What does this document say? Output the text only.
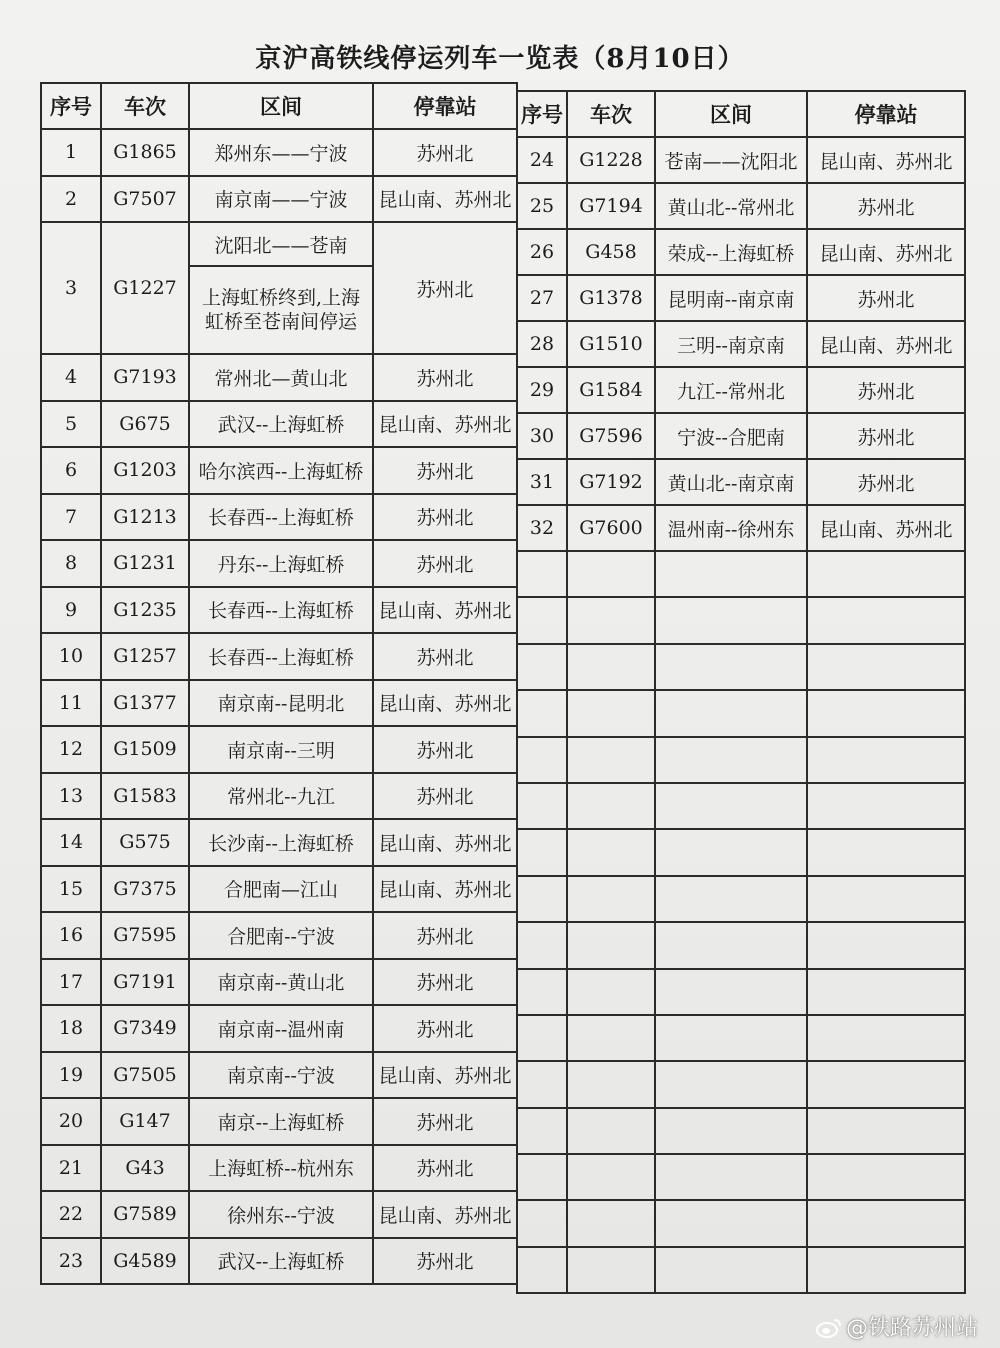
京沪高铁线停运列车一览表（8月10日）
序号	车次	区间	停靠站
1	G1865	郑州东——宁波	苏州北
2	G7507	南京南——宁波	昆山南、苏州北
3	G1227	沈阳北——苍南	苏州北
		上海虹桥终到,上海虹桥至苍南间停运	
4	G7193	常州北—黄山北	苏州北
5	G675	武汉--上海虹桥	昆山南、苏州北
6	G1203	哈尔滨西--上海虹桥	苏州北
7	G1213	长春西--上海虹桥	苏州北
8	G1231	丹东--上海虹桥	苏州北
9	G1235	长春西--上海虹桥	昆山南、苏州北
10	G1257	长春西--上海虹桥	苏州北
11	G1377	南京南--昆明北	昆山南、苏州北
12	G1509	南京南--三明	苏州北
13	G1583	常州北--九江	苏州北
14	G575	长沙南--上海虹桥	昆山南、苏州北
15	G7375	合肥南—江山	昆山南、苏州北
16	G7595	合肥南--宁波	苏州北
17	G7191	南京南--黄山北	苏州北
18	G7349	南京南--温州南	苏州北
19	G7505	南京南--宁波	昆山南、苏州北
20	G147	南京--上海虹桥	苏州北
21	G43	上海虹桥--杭州东	苏州北
22	G7589	徐州东--宁波	昆山南、苏州北
23	G4589	武汉--上海虹桥	苏州北
序号	车次	区间	停靠站
24	G1228	苍南——沈阳北	昆山南、苏州北
25	G7194	黄山北--常州北	苏州北
26	G458	荣成--上海虹桥	昆山南、苏州北
27	G1378	昆明南--南京南	苏州北
28	G1510	三明--南京南	昆山南、苏州北
29	G1584	九江--常州北	苏州北
30	G7596	宁波--合肥南	苏州北
31	G7192	黄山北--南京南	苏州北
32	G7600	温州南--徐州东	昆山南、苏州北

@铁路苏州站
